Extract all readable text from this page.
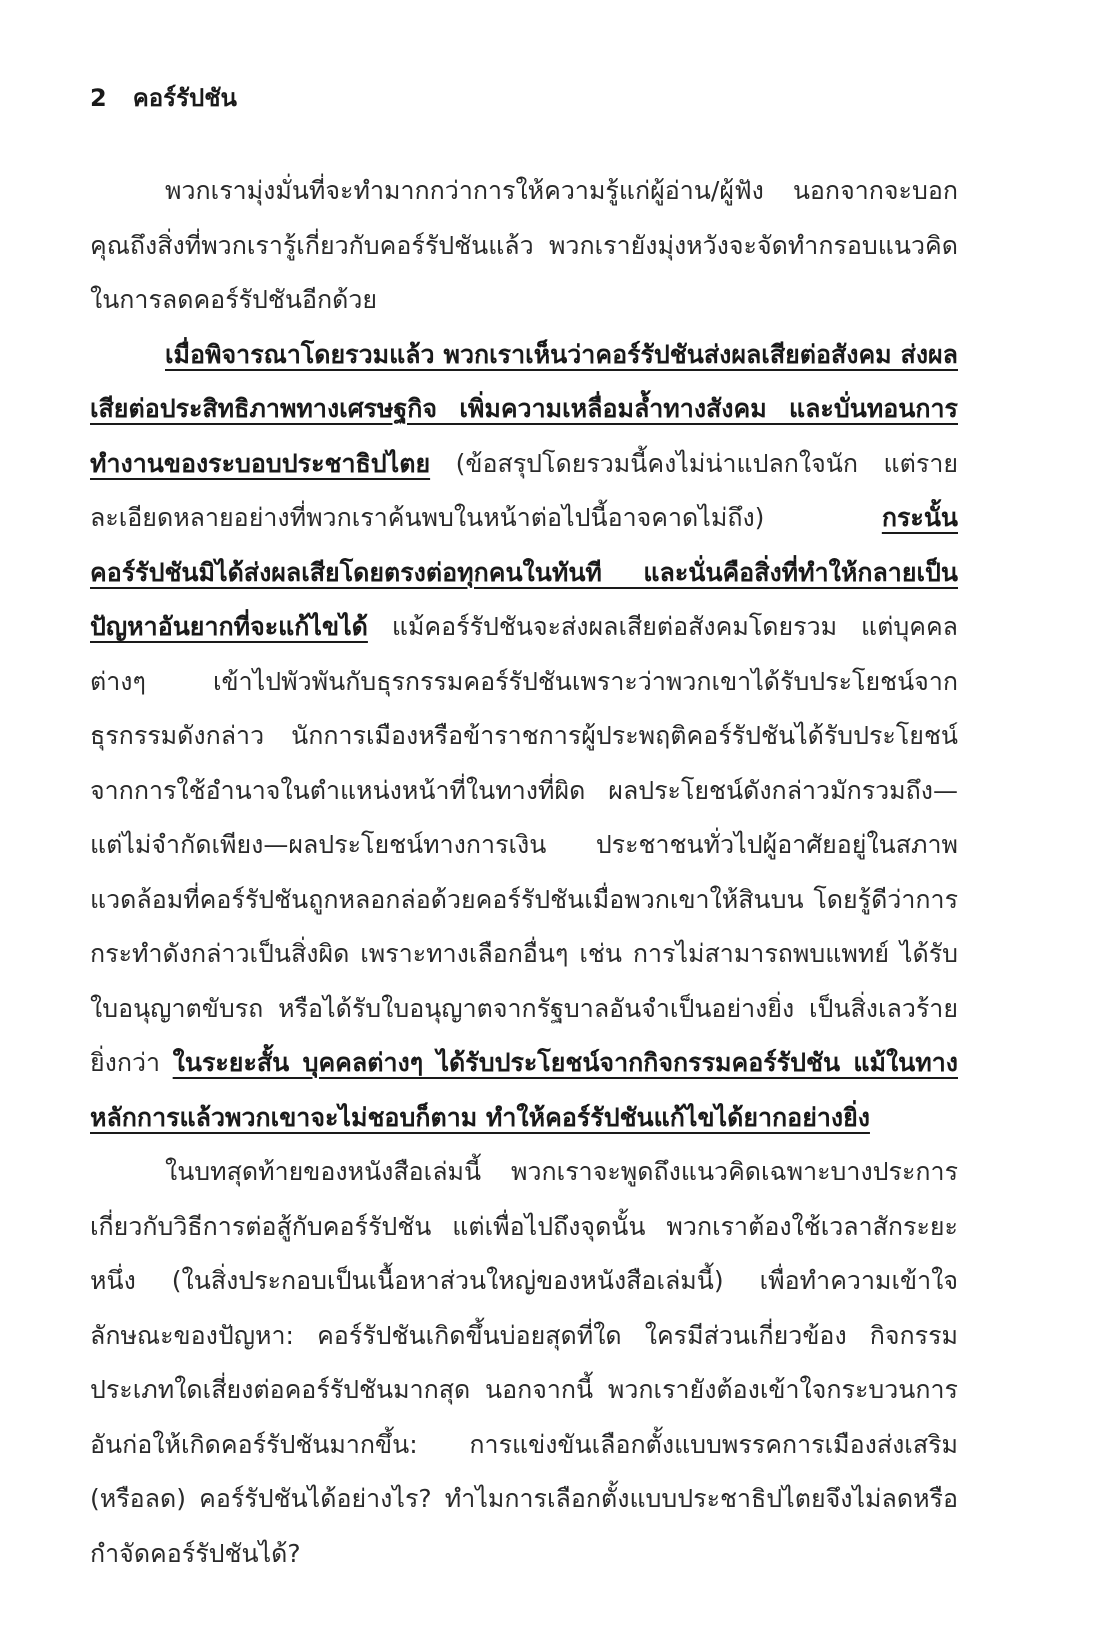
2 คอร์รัปชัน

พวกเรามุ่งมั่นที่จะทำมากกว่าการให้ความรู้แก่ผู้อ่าน/ผู้ฟัง นอกจากจะบอกคุณถึงสิ่งที่พวกเรารู้เกี่ยวกับคอร์รัปชันแล้ว พวกเรายังมุ่งหวังจะจัดทำกรอบแนวคิดในการลดคอร์รัปชันอีกด้วย

เมื่อพิจารณาโดยรวมแล้ว พวกเราเห็นว่าคอร์รัปชันส่งผลเสียต่อสังคม ส่งผลเสียต่อประสิทธิภาพทางเศรษฐกิจ เพิ่มความเหลื่อมล้ำทางสังคม และบั่นทอนการทำงานของระบอบประชาธิปไตย (ข้อสรุปโดยรวมนี้คงไม่น่าแปลกใจนัก แต่รายละเอียดหลายอย่างที่พวกเราค้นพบในหน้าต่อไปนี้อาจคาดไม่ถึง) กระนั้น คอร์รัปชันมิได้ส่งผลเสียโดยตรงต่อทุกคนในทันที และนั่นคือสิ่งที่ทำให้กลายเป็นปัญหาอันยากที่จะแก้ไขได้ แม้คอร์รัปชันจะส่งผลเสียต่อสังคมโดยรวม แต่บุคคลต่างๆ เข้าไปพัวพันกับธุรกรรมคอร์รัปชันเพราะว่าพวกเขาได้รับประโยชน์จากธุรกรรมดังกล่าว นักการเมืองหรือข้าราชการผู้ประพฤติคอร์รัปชันได้รับประโยชน์จากการใช้อำนาจในตำแหน่งหน้าที่ในทางที่ผิด ผลประโยชน์ดังกล่าวมักรวมถึง—แต่ไม่จำกัดเพียง—ผลประโยชน์ทางการเงิน ประชาชนทั่วไปผู้อาศัยอยู่ในสภาพแวดล้อมที่คอร์รัปชันถูกหลอกล่อด้วยคอร์รัปชันเมื่อพวกเขาให้สินบน โดยรู้ดีว่าการกระทำดังกล่าวเป็นสิ่งผิด เพราะทางเลือกอื่นๆ เช่น การไม่สามารถพบแพทย์ ได้รับใบอนุญาตขับรถ หรือได้รับใบอนุญาตจากรัฐบาลอันจำเป็นอย่างยิ่ง เป็นสิ่งเลวร้ายยิ่งกว่า ในระยะสั้น บุคคลต่างๆ ได้รับประโยชน์จากกิจกรรมคอร์รัปชัน แม้ในทางหลักการแล้วพวกเขาจะไม่ชอบก็ตาม ทำให้คอร์รัปชันแก้ไขได้ยากอย่างยิ่ง

ในบทสุดท้ายของหนังสือเล่มนี้ พวกเราจะพูดถึงแนวคิดเฉพาะบางประการเกี่ยวกับวิธีการต่อสู้กับคอร์รัปชัน แต่เพื่อไปถึงจุดนั้น พวกเราต้องใช้เวลาสักระยะหนึ่ง (ในสิ่งประกอบเป็นเนื้อหาส่วนใหญ่ของหนังสือเล่มนี้) เพื่อทำความเข้าใจลักษณะของปัญหา: คอร์รัปชันเกิดขึ้นบ่อยสุดที่ใด ใครมีส่วนเกี่ยวข้อง กิจกรรมประเภทใดเสี่ยงต่อคอร์รัปชันมากสุด นอกจากนี้ พวกเรายังต้องเข้าใจกระบวนการอันก่อให้เกิดคอร์รัปชันมากขึ้น: การแข่งขันเลือกตั้งแบบพรรคการเมืองส่งเสริม (หรือลด) คอร์รัปชันได้อย่างไร? ทำไมการเลือกตั้งแบบประชาธิปไตยจึงไม่ลดหรือกำจัดคอร์รัปชันได้?
